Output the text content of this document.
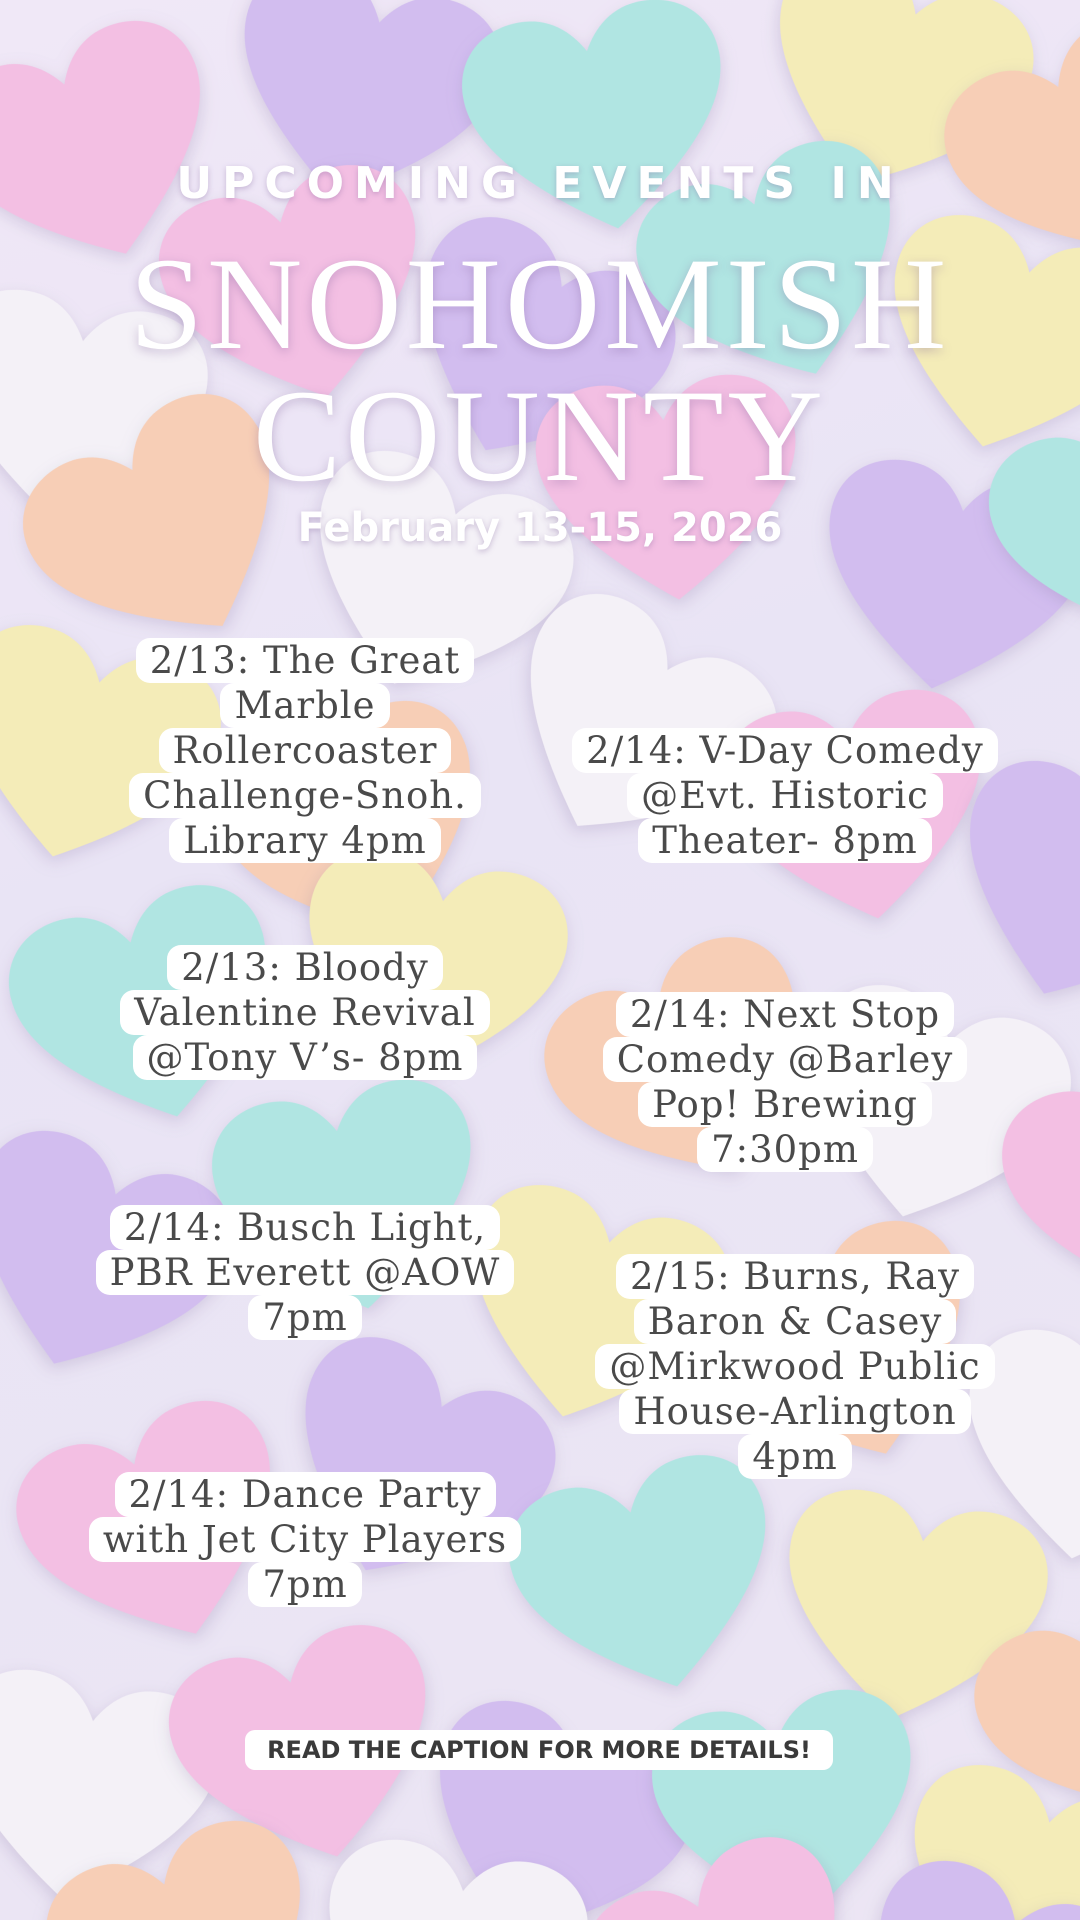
UPCOMING EVENTS IN
SNOHOMISH
COUNTY
February 13-15, 2026
2/13: The Great
Marble
Rollercoaster
Challenge-Snoh.
Library 4pm
2/13: Bloody
Valentine Revival
@Tony V’s- 8pm
2/14: Busch Light,
PBR Everett @AOW
7pm
2/14: Dance Party
with Jet City Players
7pm
2/14: V-Day Comedy
@Evt. Historic
Theater- 8pm
2/14: Next Stop
Comedy @Barley
Pop! Brewing
7:30pm
2/15: Burns, Ray
Baron & Casey
@Mirkwood Public
House-Arlington
4pm
READ THE CAPTION FOR MORE DETAILS!
